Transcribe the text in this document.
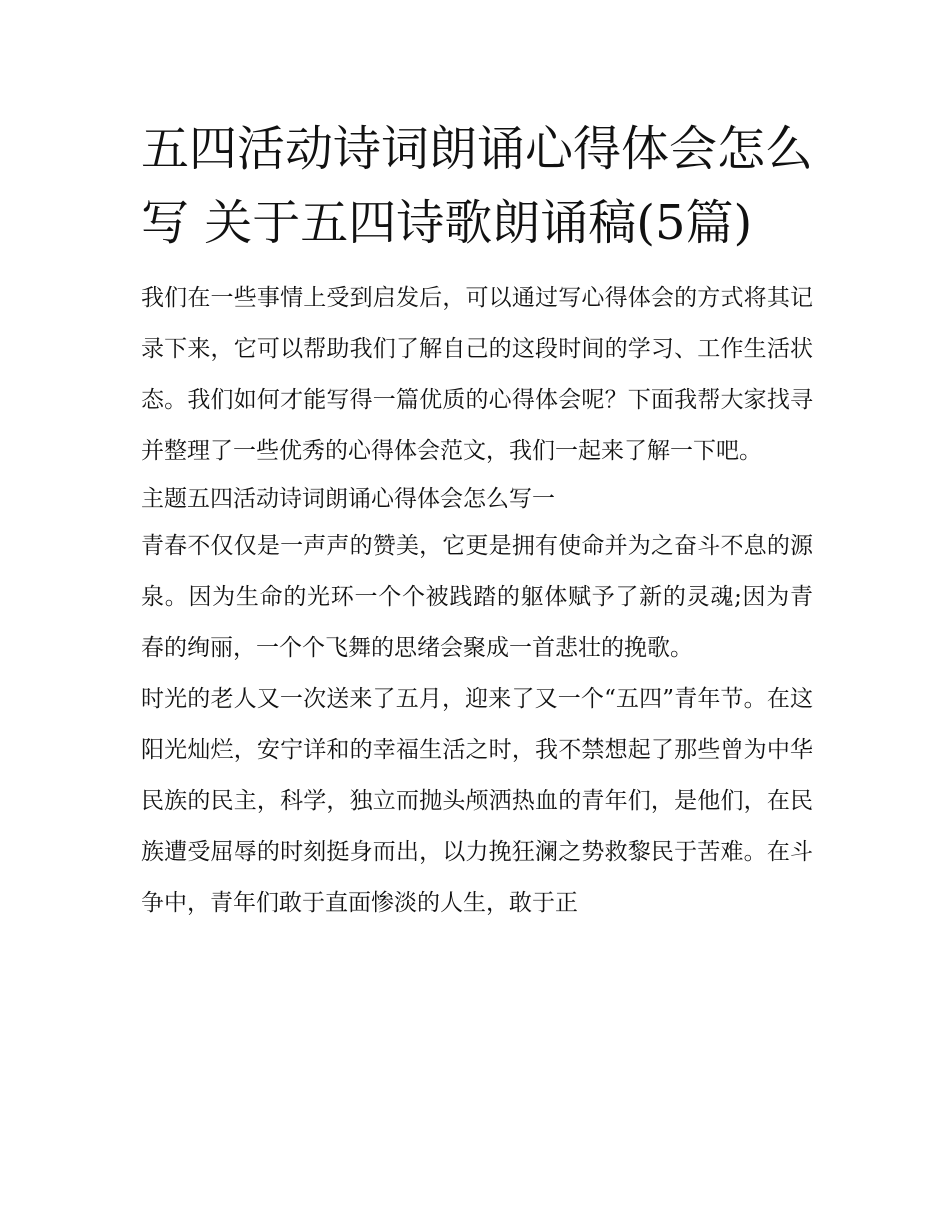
五四活动诗词朗诵心得体会怎么写 关于五四诗歌朗诵稿(5篇)

我们在一些事情上受到启发后，可以通过写心得体会的方式将其记录下来，它可以帮助我们了解自己的这段时间的学习、工作生活状态。我们如何才能写得一篇优质的心得体会呢？下面我帮大家找寻并整理了一些优秀的心得体会范文，我们一起来了解一下吧。

主题五四活动诗词朗诵心得体会怎么写一

青春不仅仅是一声声的赞美，它更是拥有使命并为之奋斗不息的源泉。因为生命的光环一个个被践踏的躯体赋予了新的灵魂;因为青春的绚丽，一个个飞舞的思绪会聚成一首悲壮的挽歌。

时光的老人又一次送来了五月，迎来了又一个“五四”青年节。在这阳光灿烂，安宁详和的幸福生活之时，我不禁想起了那些曾为中华民族的民主，科学，独立而抛头颅洒热血的青年们，是他们，在民族遭受屈辱的时刻挺身而出，以力挽狂澜之势救黎民于苦难。在斗争中，青年们敢于直面惨淡的人生，敢于正
